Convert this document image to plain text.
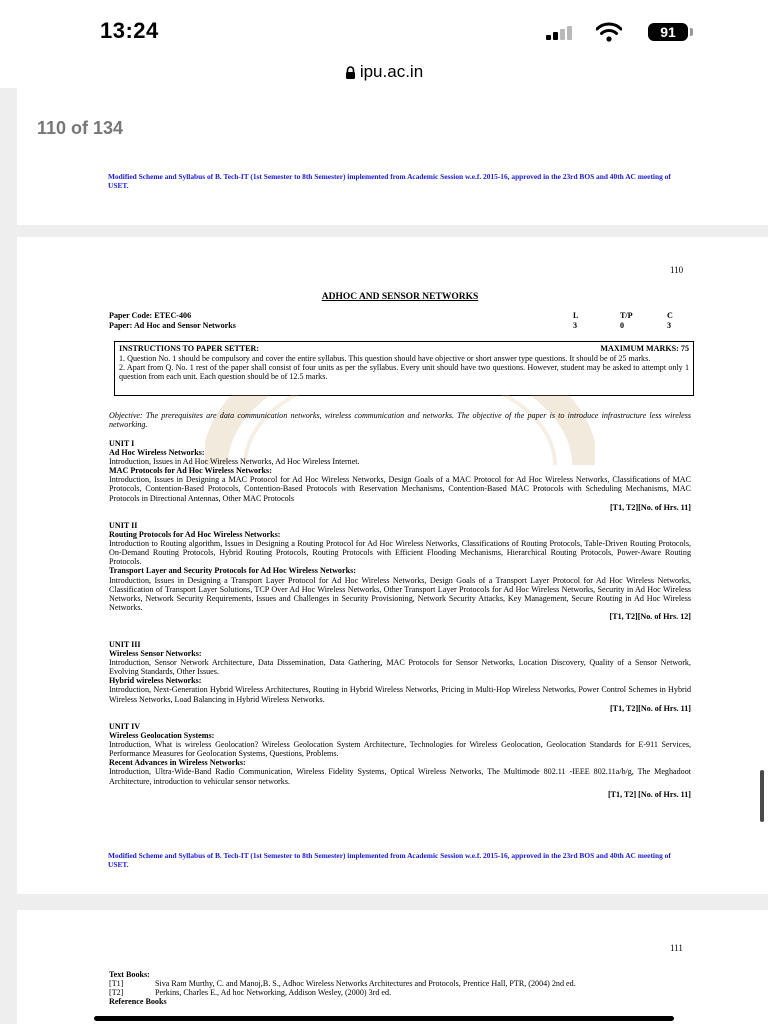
13:24	91
ipu.ac.in
110 of 134
Modified Scheme and Syllabus of B. Tech-IT (1st Semester to 8th Semester) implemented from Academic Session w.e.f. 2015-16, approved in the 23rd BOS and 40th AC meeting of USET.
110
ADHOC AND SENSOR NETWORKS
Paper Code: ETEC-406	L	T/P	C
Paper: Ad Hoc and Sensor Networks	3	0	3
INSTRUCTIONS TO PAPER SETTER:	MAXIMUM MARKS: 75
1. Question No. 1 should be compulsory and cover the entire syllabus. This question should have objective or short answer type questions. It should be of 25 marks.
2. Apart from Q. No. 1 rest of the paper shall consist of four units as per the syllabus. Every unit should have two questions. However, student may be asked to attempt only 1 question from each unit. Each question should be of 12.5 marks.
Objective: The prerequisites are data communication networks, wireless communication and networks. The objective of the paper is to introduce infrastructure less wireless networking.
UNIT I
Ad Hoc Wireless Networks:
Introduction, Issues in Ad Hoc Wireless Networks, Ad Hoc Wireless Internet.
MAC Protocols for Ad Hoc Wireless Networks:
Introduction, Issues in Designing a MAC Protocol for Ad Hoc Wireless Networks, Design Goals of a MAC Protocol for Ad Hoc Wireless Networks, Classifications of MAC Protocols, Contention-Based Protocols, Contention-Based Protocols with Reservation Mechanisms, Contention-Based MAC Protocols with Scheduling Mechanisms, MAC Protocols in Directional Antennas, Other MAC Protocols
[T1, T2][No. of Hrs. 11]
UNIT II
Routing Protocols for Ad Hoc Wireless Networks:
Introduction to Routing algorithm, Issues in Designing a Routing Protocol for Ad Hoc Wireless Networks, Classifications of Routing Protocols, Table-Driven Routing Protocols, On-Demand Routing Protocols, Hybrid Routing Protocols, Routing Protocols with Efficient Flooding Mechanisms, Hierarchical Routing Protocols, Power-Aware Routing Protocols.
Transport Layer and Security Protocols for Ad Hoc Wireless Networks:
Introduction, Issues in Designing a Transport Layer Protocol for Ad Hoc Wireless Networks, Design Goals of a Transport Layer Protocol for Ad Hoc Wireless Networks, Classification of Transport Layer Solutions, TCP Over Ad Hoc Wireless Networks, Other Transport Layer Protocols for Ad Hoc Wireless Networks, Security in Ad Hoc Wireless Networks, Network Security Requirements, Issues and Challenges in Security Provisioning, Network Security Attacks, Key Management, Secure Routing in Ad Hoc Wireless Networks.
[T1, T2][No. of Hrs. 12]
UNIT III
Wireless Sensor Networks:
Introduction, Sensor Network Architecture, Data Dissemination, Data Gathering, MAC Protocols for Sensor Networks, Location Discovery, Quality of a Sensor Network, Evolving Standards, Other Issues.
Hybrid wireless Networks:
Introduction, Next-Generation Hybrid Wireless Architectures, Routing in Hybrid Wireless Networks, Pricing in Multi-Hop Wireless Networks, Power Control Schemes in Hybrid Wireless Networks, Load Balancing in Hybrid Wireless Networks.
[T1, T2][No. of Hrs. 11]
UNIT IV
Wireless Geolocation Systems:
Introduction, What is wireless Geolocation? Wireless Geolocation System Architecture, Technologies for Wireless Geolocation, Geolocation Standards for E-911 Services, Performance Measures for Geolocation Systems, Questions, Problems.
Recent Advances in Wireless Networks:
Introduction, Ultra-Wide-Band Radio Communication, Wireless Fidelity Systems, Optical Wireless Networks, The Multimode 802.11 -IEEE 802.11a/b/g, The Meghadoot Architecture, introduction to vehicular sensor networks.
[T1, T2] [No. of Hrs. 11]
Modified Scheme and Syllabus of B. Tech-IT (1st Semester to 8th Semester) implemented from Academic Session w.e.f. 2015-16, approved in the 23rd BOS and 40th AC meeting of USET.
111
Text Books:
[T1]	Siva Ram Murthy, C. and Manoj,B. S., Adhoc Wireless Networks Architectures and Protocols, Prentice Hall, PTR, (2004) 2nd ed.
[T2]	Perkins, Charles E., Ad hoc Networking, Addison Wesley, (2000) 3rd ed.
Reference Books
